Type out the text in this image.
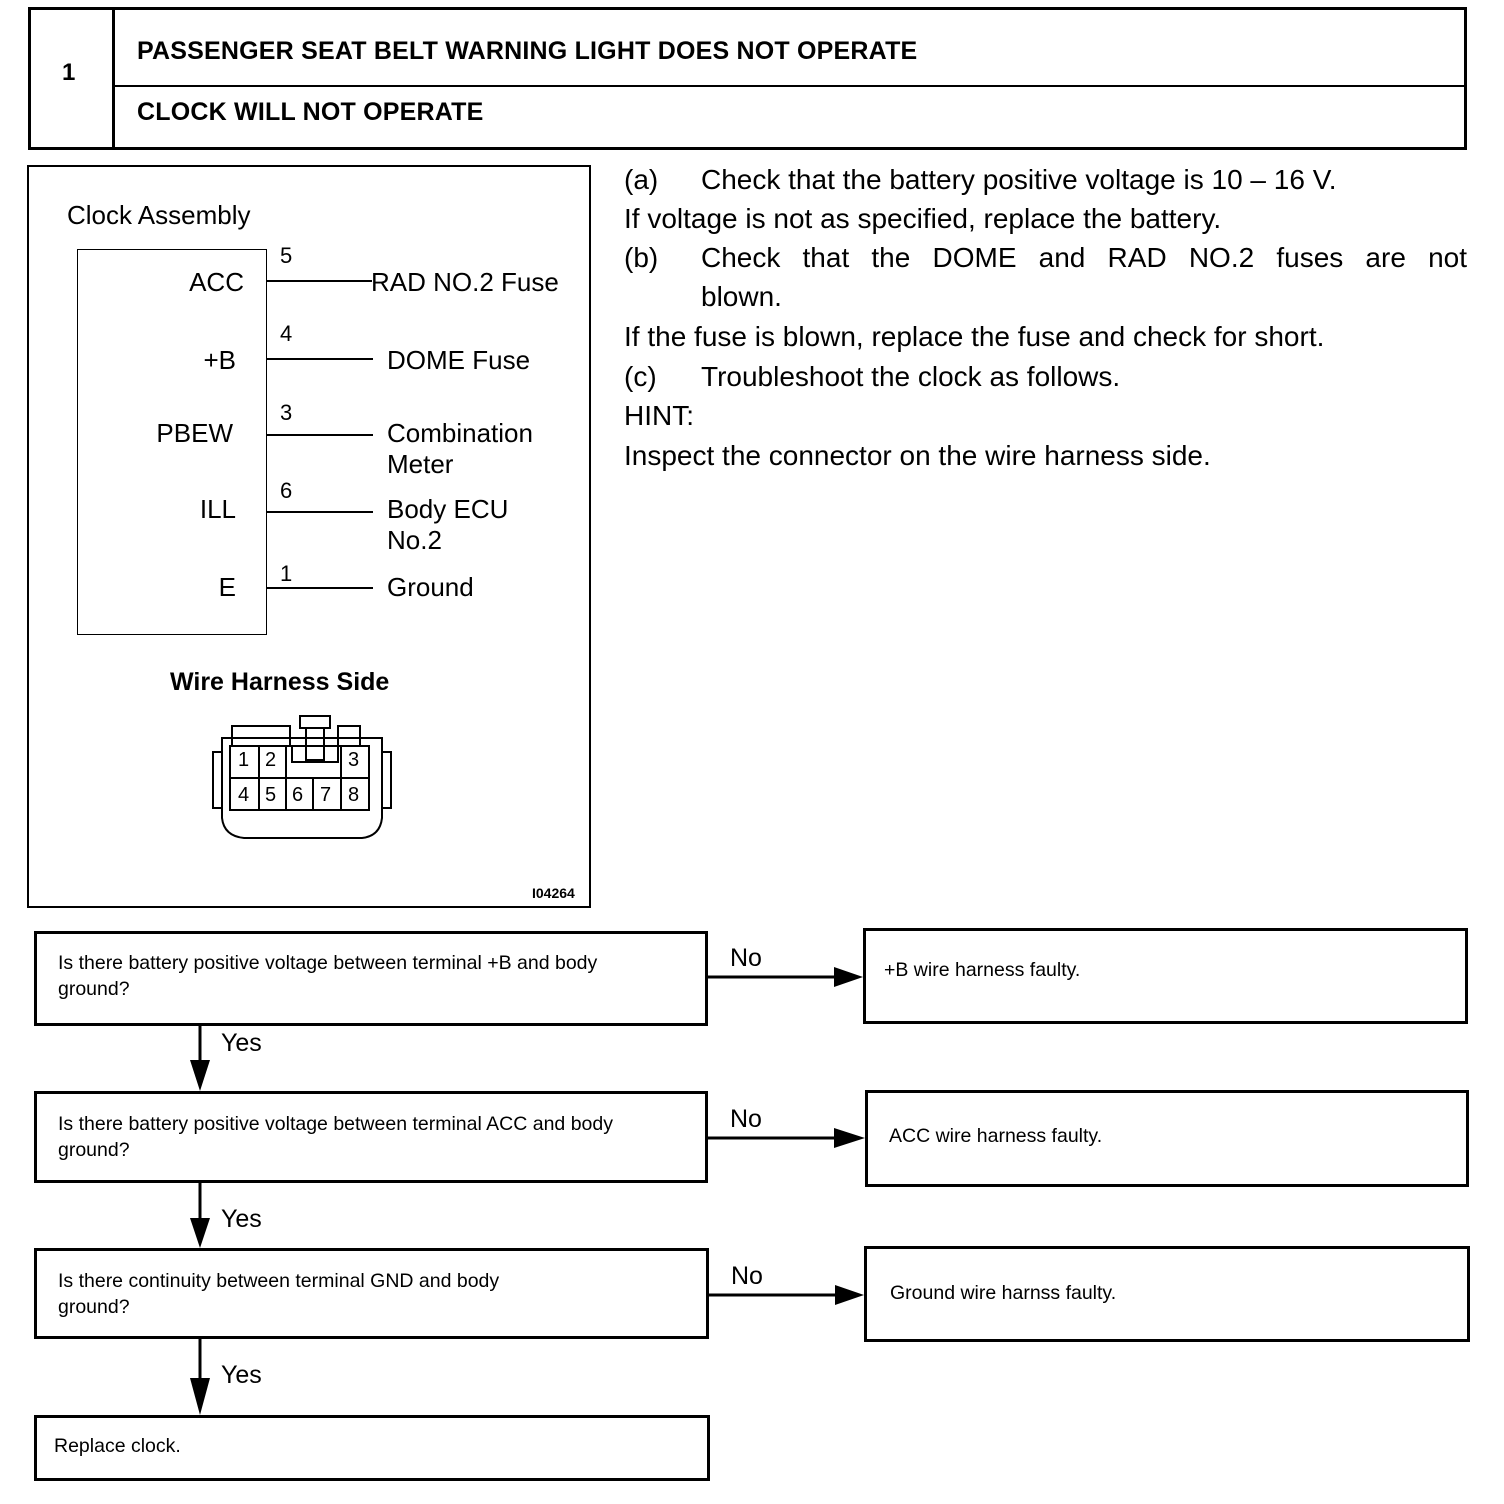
1
PASSENGER SEAT BELT WARNING LIGHT DOES NOT OPERATE
CLOCK WILL NOT OPERATE
Clock Assembly
ACC
+B
PBEW
ILL
E
5
4
3
6
1
RAD NO.2 Fuse
DOME Fuse
Combination Meter
Body ECU No.2
Ground
Wire Harness Side
1 2	3
4 5 6 7 8
I04264
(a) Check that the battery positive voltage is 10 – 16 V.
If voltage is not as specified, replace the battery.
(b) Check that the DOME and RAD NO.2 fuses are not
blown.
If the fuse is blown, replace the fuse and check for short.
(c) Troubleshoot the clock as follows.
HINT:
Inspect the connector on the wire harness side.
Is there battery positive voltage between terminal +B and body ground?
+B wire harness faulty.
No
Yes
Is there battery positive voltage between terminal ACC and body ground?
ACC wire harness faulty.
No
Yes
Is there continuity between terminal GND and body ground?
Ground wire harnss faulty.
No
Yes
Replace clock.
